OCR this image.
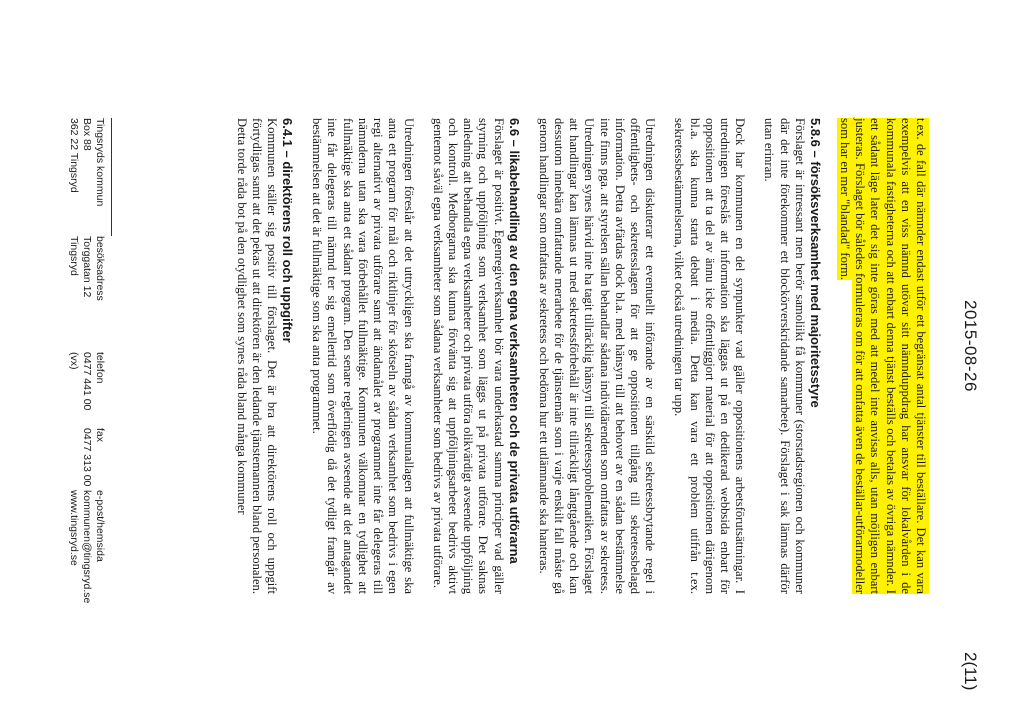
2015-08-26
2(11)

t.ex. de fall där nämnder endast utför ett begränsat antal tjänster till beställare. Det kan vara exempelvis att en viss nämnd utövar sitt nämnduppdrag har ansvar för lokalvården i de kommunala fastigheterna och att enbart denna tjänst beställs och betalas av övriga nämnder. I ett sådant läge later det sig inte göras med att medel inte anvisas alls, utan möjligen enbart justeras. Förslaget bör således formuleras om för att omfatta även de beställar-utförarmodeller som har en mer "blandad" form.

5.8.6 – försöksverksamhet med majoritetsstyre

Förslaget är intressant men berör samoliikt få kommuner (storstadsregionen och kommuner där det inte förekommer ett blockörverskridande samarbete). Förslaget i sak lämnas därför utan erinran.

Dock har kommunen en del synpunkter vad gäller oppositionens arbetsförutsättningar. I utredningen föreslås att information ska läggas ut på en dedikerad webbsida enbart för oppositionen att ta del av ännu icke offentliggjort material för att oppositionen därigenom bl.a. ska kunna starta debatt i media. Detta kan vara ett problem utifrån t.ex. sekretessbestämmelserna, vilket också utredningen tar upp.

Utredningen diskuterar ett eventuellt införande av en särskild sekretessbrytande regel i offentlighets- och sekretesslagen för att ge oppositionen tillgång till sekretessbelagd information. Detta avfärdas dock bl.a. med hänsyn till att behovet av en sådan bestämmelse inte finns pga. att styrelsen sällan behandlar sådana individärenden som omfattas av sekretess. Utredningen synes härvid inte ha tagit tillräcklig hänsyn till sekretessproblematiken. Förslaget att handlingar kan lämnas ut med sekretessförbehåll är inte tillräckligt långtgående och kan dessutom innebära omfattande merarbete för de tjänstemän som i varje enskilt fall måste gå genom handlingar som omfattas av sekretess och bedöma hur ett utlämnande ska hanteras.

6.6 – likabehandling av den egna verksamheten och de privata utförarna

Förslaget är positivt. Egenregiverksamhet bör vara underkastad samma principer vad gäller styrning och uppföljning som verksamhet som läggs ut på privata utförare. Det saknas anledning att behandla egna verksamheter och privata utföra olikvärdigt avseende uppföljning och kontroll. Medborgarna ska kunna förvänta sig att uppföljningsarbetet bedrivs aktivt gentemot såväl egna verksamheter som sådana verksamheter som bedrivs av privata utförare.

Utredningen föreslår att det uttryckligen ska framgå av kommunallagen att fullmäktige ska anta ett program för mål och riktlinjer för skötseln av sådan verksamhet som bedrivs i egen regi alternativt av privata utförare samt att ändamålet av programmet inte får delegeras till nämnderna utan ska vara förbehållet fullmäktige. Kommunen välkomnar en tydlighet att fullmäktige ska anta ett sådant program. Den senare regleringen avseende att det antagandet inte får delegeras till nämnd ter sig emellertid som överflödig då det tydligt framgår av bestämmelsen att det är fullmäktige som ska anta programmet.

6.4.1 – direktörens roll och uppgifter

Kommunen ställer sig positiv till förslaget. Det är bra att direktörens roll och uppgift förtydligas samt att det pekas ut att direktören är den ledande tjänstemannen bland personalen. Detta torde råda bot på den otydlighet som synes råda bland många kommuner

Tingsryds kommun
Box 88
362 22 Tingsryd
besöksadress
Torggatan 12
Tingsryd
telefon
0477 441 00 (vx)
fax
0477 313 00
e-post/hemsida
kommunen@tingsryd.se
www.tingsryd.se
